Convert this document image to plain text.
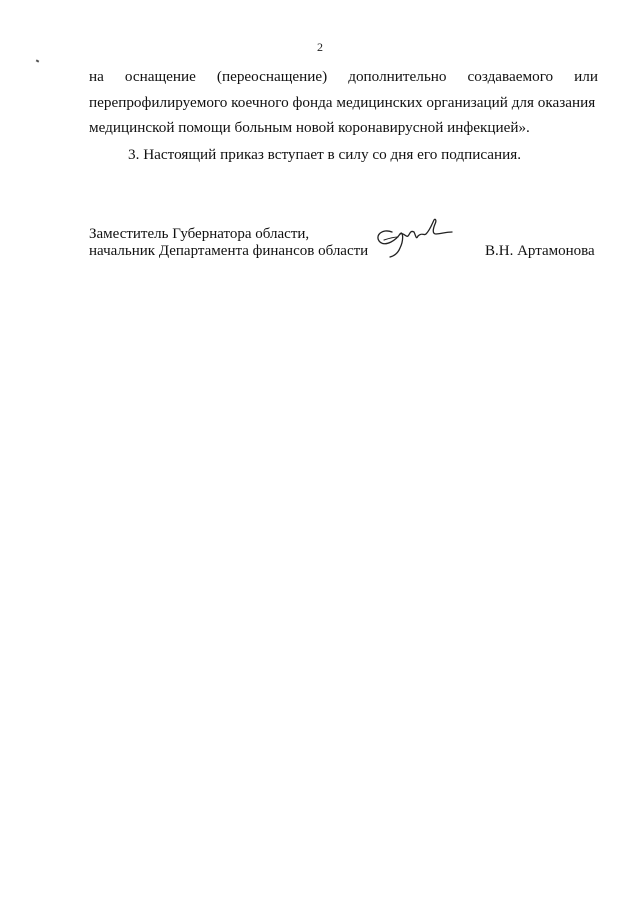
2
на оснащение (переоснащение) дополнительно создаваемого или
перепрофилируемого коечного фонда медицинских организаций для оказания
медицинской помощи больным новой коронавирусной инфекцией».
3. Настоящий приказ вступает в силу со дня его подписания.
Заместитель Губернатора области,
начальник Департамента финансов области	В.Н. Артамонова
